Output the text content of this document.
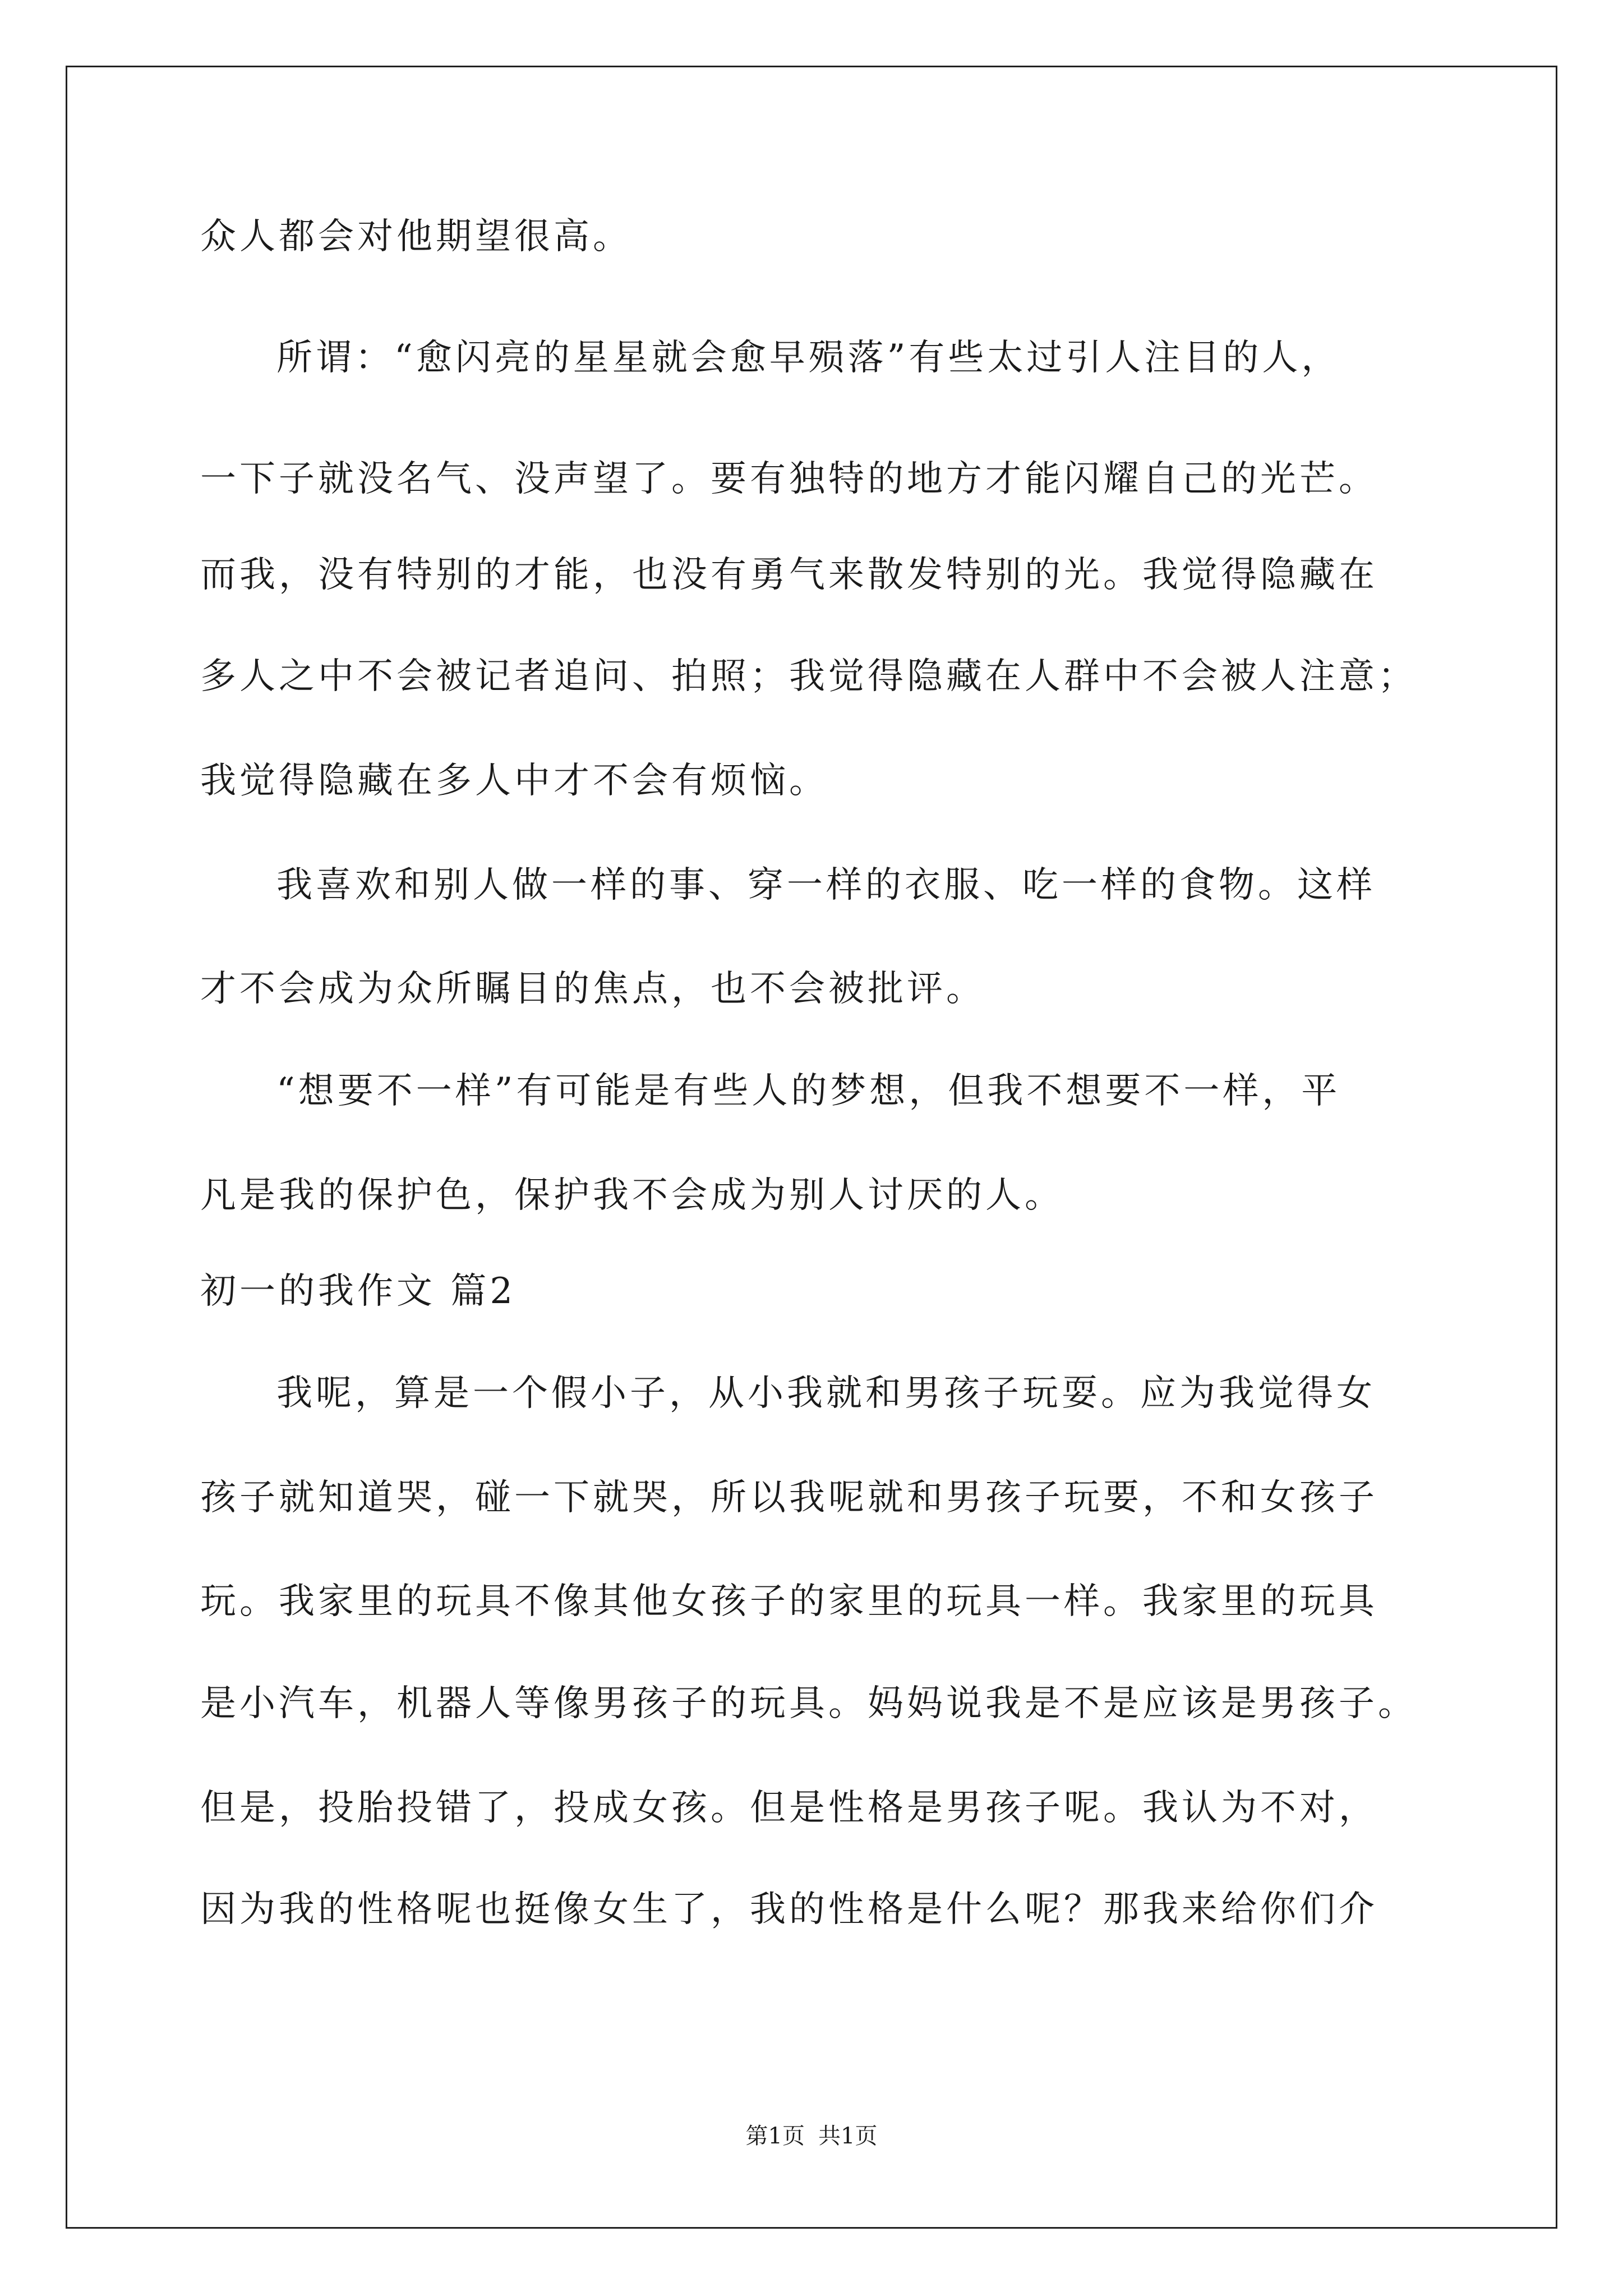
众人都会对他期望很高。
所谓：“愈闪亮的星星就会愈早殒落”有些太过引人注目的人，
一下子就没名气、没声望了。要有独特的地方才能闪耀自己的光芒。
而我，没有特别的才能，也没有勇气来散发特别的光。我觉得隐藏在
多人之中不会被记者追问、拍照；我觉得隐藏在人群中不会被人注意；
我觉得隐藏在多人中才不会有烦恼。
我喜欢和别人做一样的事、穿一样的衣服、吃一样的食物。这样
才不会成为众所瞩目的焦点，也不会被批评。
“想要不一样”有可能是有些人的梦想，但我不想要不一样，平
凡是我的保护色，保护我不会成为别人讨厌的人。
初一的我作文 篇2
我呢，算是一个假小子，从小我就和男孩子玩耍。应为我觉得女
孩子就知道哭，碰一下就哭，所以我呢就和男孩子玩要，不和女孩子
玩。我家里的玩具不像其他女孩子的家里的玩具一样。我家里的玩具
是小汽车，机器人等像男孩子的玩具。妈妈说我是不是应该是男孩子。
但是，投胎投错了，投成女孩。但是性格是男孩子呢。我认为不对，
因为我的性格呢也挺像女生了，我的性格是什么呢？那我来给你们介
第1页 共1页
